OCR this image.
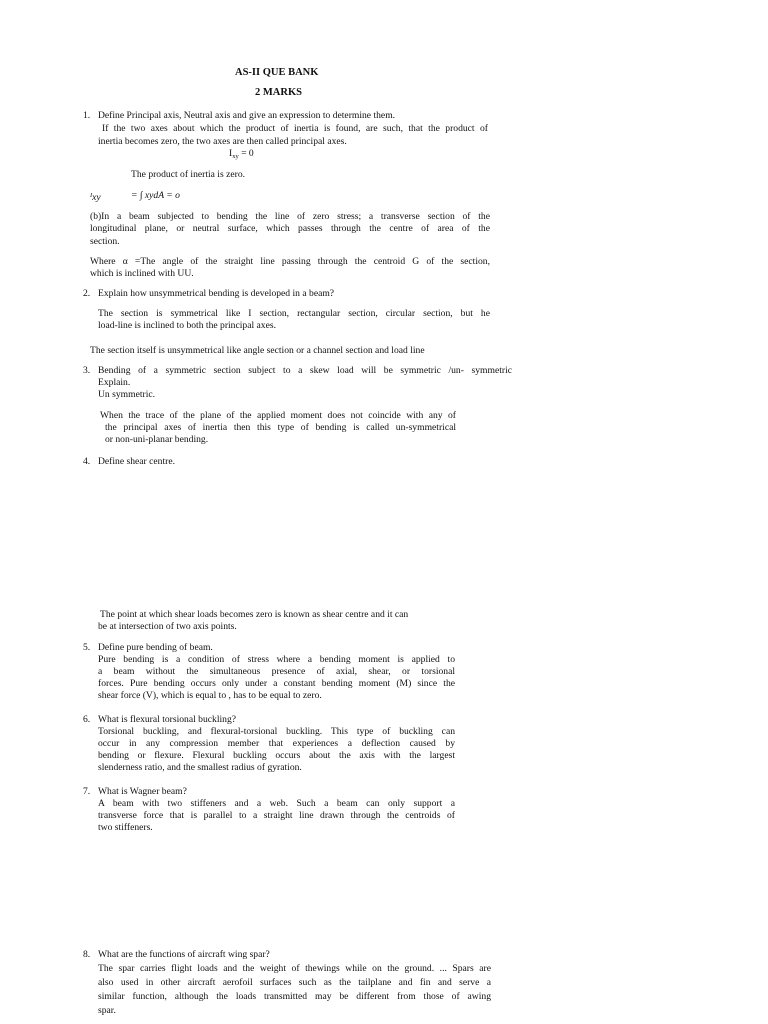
AS-II QUE BANK
2 MARKS
1. Define Principal axis, Neutral axis and give an expression to determine them.
If the two axes about which the product of inertia is found, are such, that the product of
inertia becomes zero, the two axes are then called principal axes.
$I_{xy} = 0$
The product of inertia is zero.
$^I$xy	= ∫ xydA = o
(b)In a beam subjected to bending the line of zero stress; a transverse section of the
longitudinal plane, or neutral surface, which passes through the centre of area of the
section.
Where α =The angle of the straight line passing through the centroid G of the section,
which is inclined with UU.
2. Explain how unsymmetrical bending is developed in a beam?
The section is symmetrical like I section, rectangular section, circular section, but he
load-line is inclined to both the principal axes.
The section itself is unsymmetrical like angle section or a channel section and load line
3. Bending of a symmetric section subject to a skew load will be symmetric /un- symmetric
Explain.
Un symmetric.
When the trace of the plane of the applied moment does not coincide with any of
the principal axes of inertia then this type of bending is called un-symmetrical
or non-uni-planar bending.
4. Define shear centre.
The point at which shear loads becomes zero is known as shear centre and it can
be at intersection of two axis points.
5. Define pure bending of beam.
Pure bending is a condition of stress where a bending moment is applied to
a beam without the simultaneous presence of axial, shear, or torsional
forces. Pure bending occurs only under a constant bending moment (M) since the
shear force (V), which is equal to , has to be equal to zero.
6. What is flexural torsional buckling?
Torsional buckling, and flexural-torsional buckling. This type of buckling can
occur in any compression member that experiences a deflection caused by
bending or flexure. Flexural buckling occurs about the axis with the largest
slenderness ratio, and the smallest radius of gyration.
7. What is Wagner beam?
A beam with two stiffeners and a web. Such a beam can only support a
transverse force that is parallel to a straight line drawn through the centroids of
two stiffeners.
8. What are the functions of aircraft wing spar?
The spar carries flight loads and the weight of thewings while on the ground. ... Spars are
also used in other aircraft aerofoil surfaces such as the tailplane and fin and serve a
similar function, although the loads transmitted may be different from those of awing
spar.
